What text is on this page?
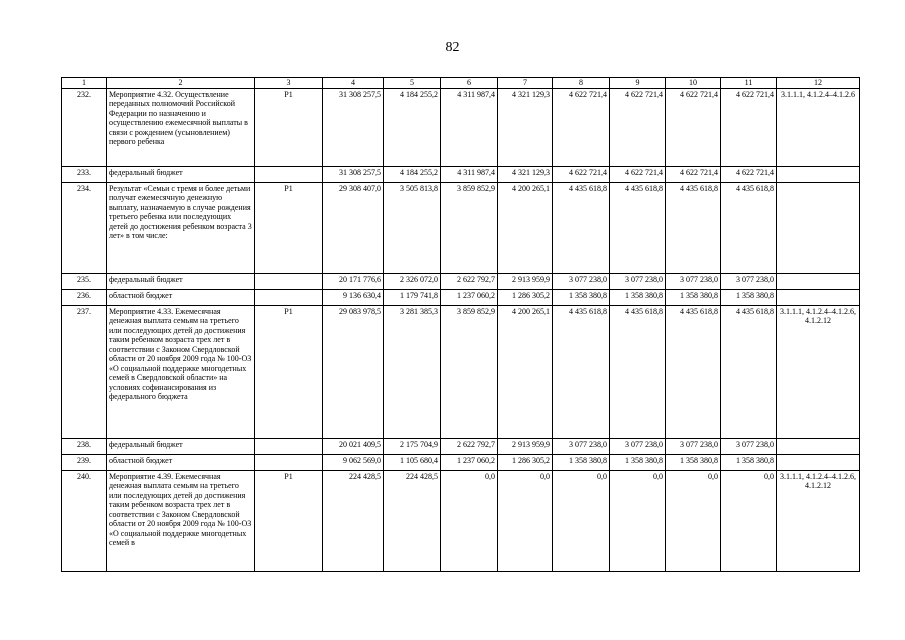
82
1	2	3	4	5	6	7	8	9	10	11	12
232.	Мероприятие 4.32. Осуществление переданных полномочий Российской Федерации по назначению и осуществлению ежемесячной выплаты в связи с рождением (усыновлением) первого ребенка	P1	31 308 257,5	4 184 255,2	4 311 987,4	4 321 129,3	4 622 721,4	4 622 721,4	4 622 721,4	4 622 721,4	3.1.1.1, 4.1.2.4–4.1.2.6
233.	федеральный бюджет		31 308 257,5	4 184 255,2	4 311 987,4	4 321 129,3	4 622 721,4	4 622 721,4	4 622 721,4	4 622 721,4	
234.	Результат «Семьи с тремя и более детьми получат ежемесячную денежную выплату, назначаемую в случае рождения третьего ребенка или последующих детей до достижения ребенком возраста 3 лет» в том числе:	P1	29 308 407,0	3 505 813,8	3 859 852,9	4 200 265,1	4 435 618,8	4 435 618,8	4 435 618,8	4 435 618,8	
235.	федеральный бюджет		20 171 776,6	2 326 072,0	2 622 792,7	2 913 959,9	3 077 238,0	3 077 238,0	3 077 238,0	3 077 238,0	
236.	областной бюджет		9 136 630,4	1 179 741,8	1 237 060,2	1 286 305,2	1 358 380,8	1 358 380,8	1 358 380,8	1 358 380,8	
237.	Мероприятие 4.33. Ежемесячная денежная выплата семьям на третьего или последующих детей до достижения таким ребенком возраста трех лет в соответствии с Законом Свердловской области от 20 ноября 2009 года № 100-ОЗ «О социальной поддержке многодетных семей в Свердловской области» на условиях софинансирования из федерального бюджета	P1	29 083 978,5	3 281 385,3	3 859 852,9	4 200 265,1	4 435 618,8	4 435 618,8	4 435 618,8	4 435 618,8	3.1.1.1, 4.1.2.4–4.1.2.6, 4.1.2.12
238.	федеральный бюджет		20 021 409,5	2 175 704,9	2 622 792,7	2 913 959,9	3 077 238,0	3 077 238,0	3 077 238,0	3 077 238,0	
239.	областной бюджет		9 062 569,0	1 105 680,4	1 237 060,2	1 286 305,2	1 358 380,8	1 358 380,8	1 358 380,8	1 358 380,8	
240.	Мероприятие 4.39. Ежемесячная денежная выплата семьям на третьего или последующих детей до достижения таким ребенком возраста трех лет в соответствии с Законом Свердловской области от 20 ноября 2009 года № 100-ОЗ «О социальной поддержке многодетных семей в	P1	224 428,5	224 428,5	0,0	0,0	0,0	0,0	0,0	0,0	3.1.1.1, 4.1.2.4–4.1.2.6, 4.1.2.12
